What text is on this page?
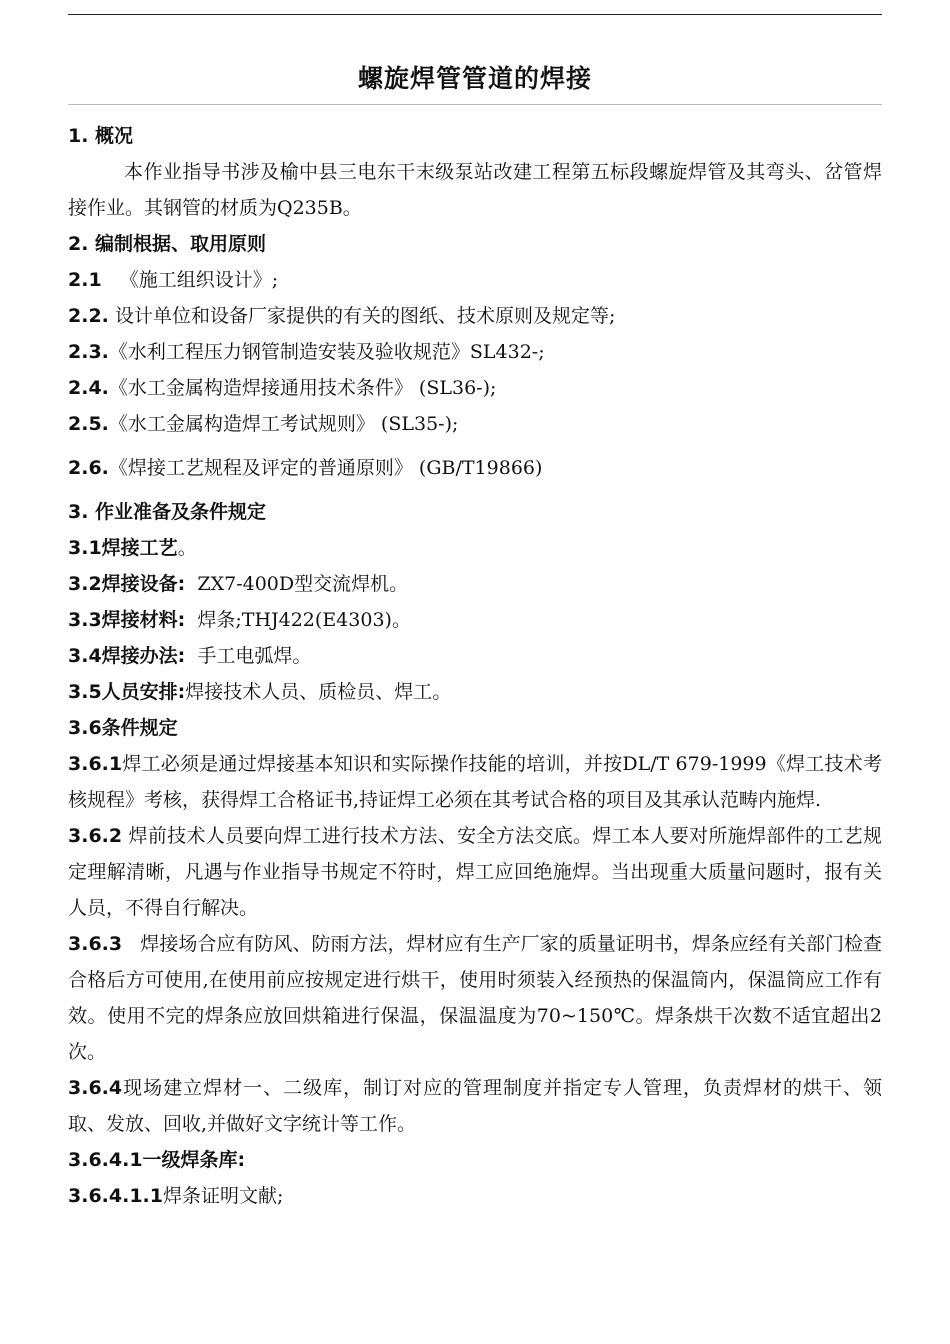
螺旋焊管管道的焊接

1. 概况

本作业指导书涉及榆中县三电东干末级泵站改建工程第五标段螺旋焊管及其弯头、岔管焊接作业。其钢管的材质为Q235B。

2. 编制根据、取用原则

2.1 《施工组织设计》;

2.2. 设计单位和设备厂家提供的有关的图纸、技术原则及规定等;

2.3.《水利工程压力钢管制造安装及验收规范》SL432-;

2.4.《水工金属构造焊接通用技术条件》 (SL36-);

2.5.《水工金属构造焊工考试规则》 (SL35-);

2.6.《焊接工艺规程及评定的普通原则》 (GB/T19866)

3. 作业准备及条件规定

3.1焊接工艺。

3.2焊接设备: ZX7-400D型交流焊机。

3.3焊接材料: 焊条;THJ422(E4303)。

3.4焊接办法: 手工电弧焊。

3.5人员安排:焊接技术人员、质检员、焊工。

3.6条件规定

3.6.1焊工必须是通过焊接基本知识和实际操作技能的培训，并按DL/T 679-1999《焊工技术考核规程》考核，获得焊工合格证书,持证焊工必须在其考试合格的项目及其承认范畴内施焊.

3.6.2 焊前技术人员要向焊工进行技术方法、安全方法交底。焊工本人要对所施焊部件的工艺规定理解清晰，凡遇与作业指导书规定不符时，焊工应回绝施焊。当出现重大质量问题时，报有关人员，不得自行解决。

3.6.3 焊接场合应有防风、防雨方法，焊材应有生产厂家的质量证明书，焊条应经有关部门检查合格后方可使用,在使用前应按规定进行烘干，使用时须装入经预热的保温筒内，保温筒应工作有效。使用不完的焊条应放回烘箱进行保温，保温温度为70~150℃。焊条烘干次数不适宜超出2次。

3.6.4现场建立焊材一、二级库，制订对应的管理制度并指定专人管理，负责焊材的烘干、领取、发放、回收,并做好文字统计等工作。

3.6.4.1一级焊条库:

3.6.4.1.1焊条证明文献;
